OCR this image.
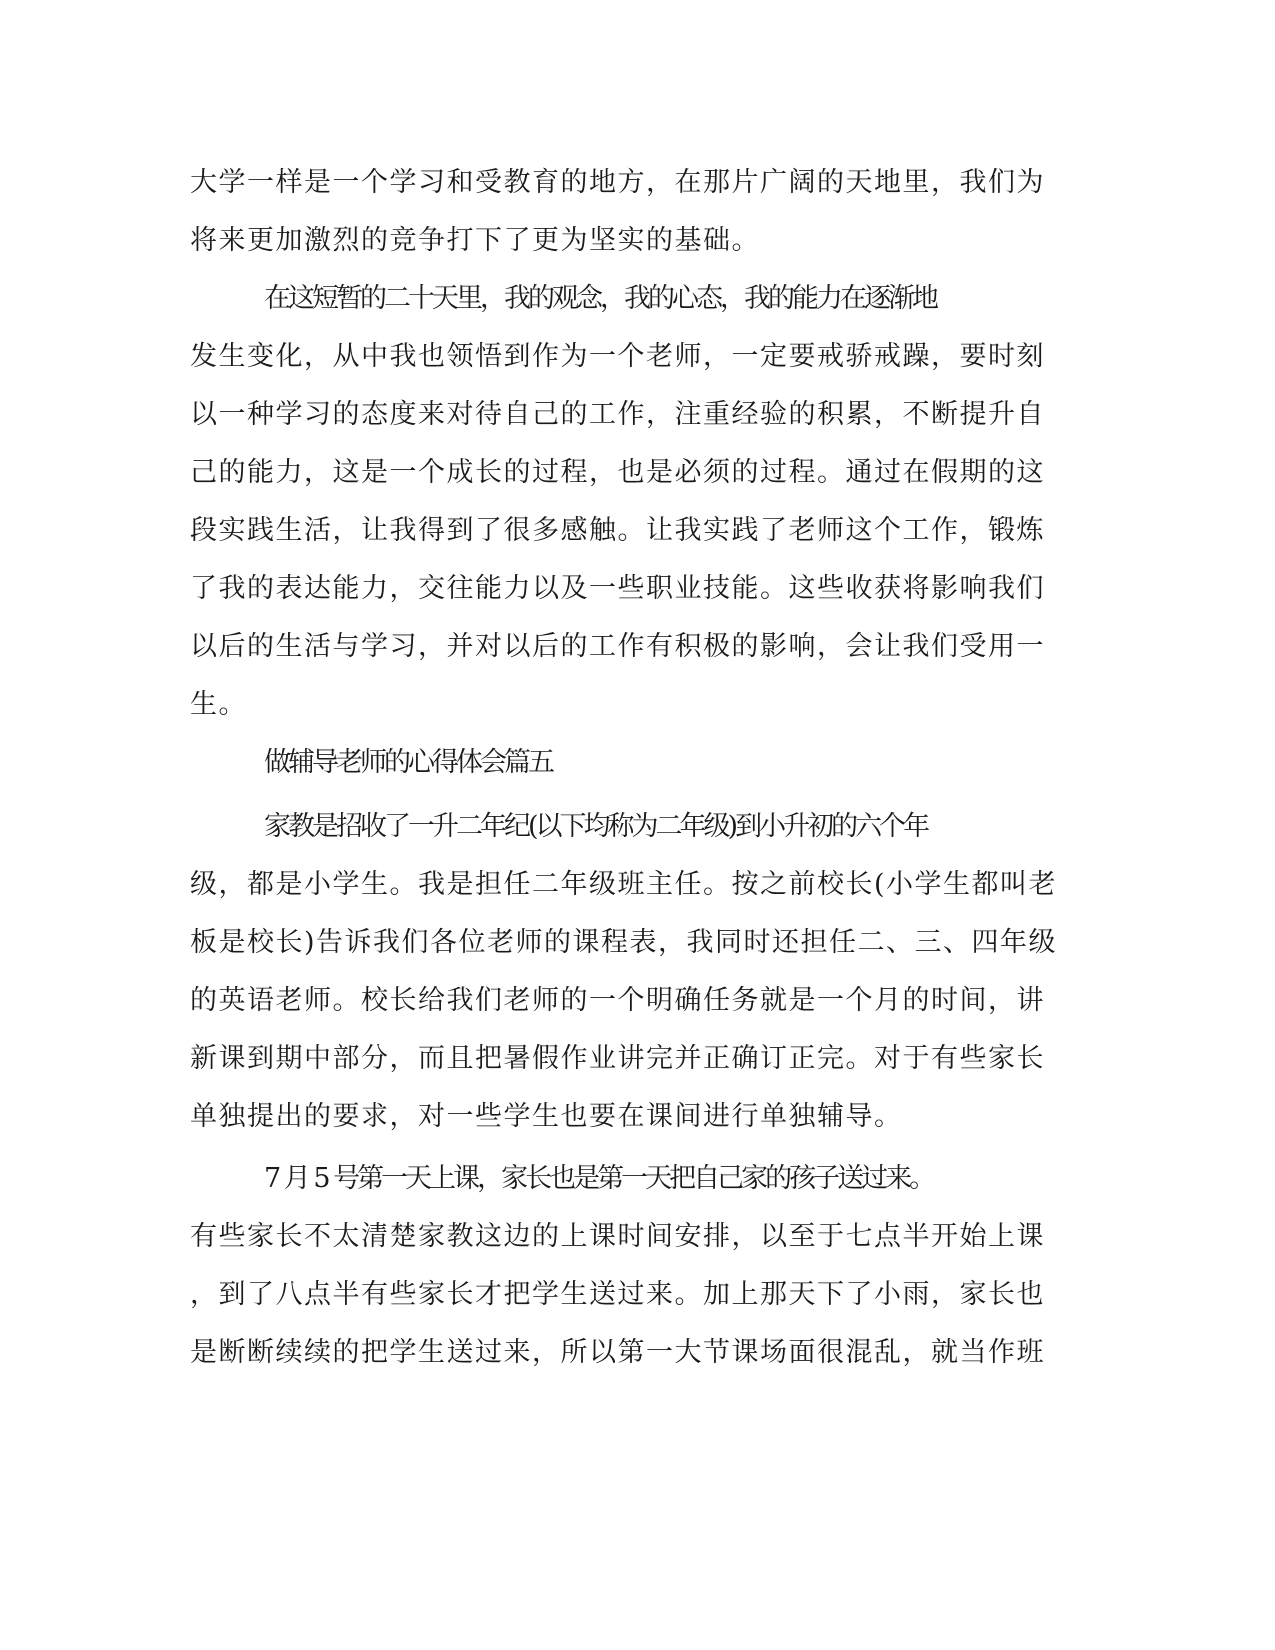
大学一样是一个学习和受教育的地方，在那片广阔的天地里，我们为
将来更加激烈的竞争打下了更为坚实的基础。
在这短暂的二十天里，我的观念，我的心态，我的能力在逐渐地
发生变化，从中我也领悟到作为一个老师，一定要戒骄戒躁，要时刻
以一种学习的态度来对待自己的工作，注重经验的积累，不断提升自
己的能力，这是一个成长的过程，也是必须的过程。通过在假期的这
段实践生活，让我得到了很多感触。让我实践了老师这个工作，锻炼
了我的表达能力，交往能力以及一些职业技能。这些收获将影响我们
以后的生活与学习，并对以后的工作有积极的影响，会让我们受用一
生。
做辅导老师的心得体会篇五
家教是招收了一升二年纪(以下均称为二年级)到小升初的六个年
级，都是小学生。我是担任二年级班主任。按之前校长(小学生都叫老
板是校长)告诉我们各位老师的课程表，我同时还担任二、三、四年级
的英语老师。校长给我们老师的一个明确任务就是一个月的时间，讲
新课到期中部分，而且把暑假作业讲完并正确订正完。对于有些家长
单独提出的要求，对一些学生也要在课间进行单独辅导。
7 月 5 号第一天上课，家长也是第一天把自己家的孩子送过来。
有些家长不太清楚家教这边的上课时间安排，以至于七点半开始上课
，到了八点半有些家长才把学生送过来。加上那天下了小雨，家长也
是断断续续的把学生送过来，所以第一大节课场面很混乱，就当作班
